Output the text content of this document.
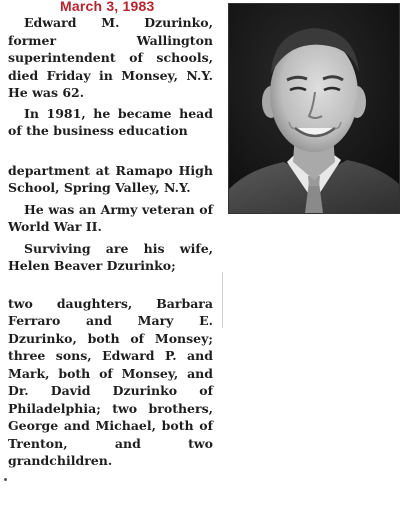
March 3, 1983

Edward M. Dzurinko, former Wallington superintendent of schools, died Friday in Monsey, N.Y. He was 62.

In 1981, he became head of the business education

department at Ramapo High School, Spring Valley, N.Y.

He was an Army veteran of World War II.

Surviving are his wife, Helen Beaver Dzurinko;

two daughters, Barbara Ferraro and Mary E. Dzurinko, both of Monsey; three sons, Edward P. and Mark, both of Monsey, and Dr. David Dzurinko of Philadelphia; two brothers, George and Michael, both of Trenton, and two grandchildren.
